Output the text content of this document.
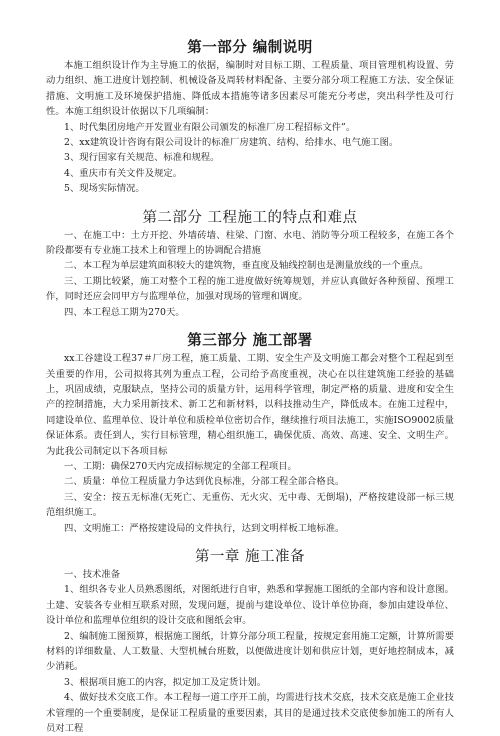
第一部分 编制说明

本施工组织设计作为主导施工的依据，编制时对目标工期、工程质量、项目管理机构设置、劳动力组织、施工进度计划控制、机械设备及周转材料配备、主要分部分项工程施工方法、安全保证措施、文明施工及环境保护措施、降低成本措施等诸多因素尽可能充分考虑，突出科学性及可行性。本施工组织设计依据以下几项编制：

1、时代集团房地产开发置业有限公司颁发的标准厂房工程招标文件”。

2、xx建筑设计咨询有限公司设计的标准厂房建筑、结构、给排水、电气施工图。

3、现行国家有关规范、标准和规程。

4、重庆市有关文件及规定。

5、现场实际情况。

第二部分 工程施工的特点和难点

一、在施工中：土方开挖、外墙砖墙、柱梁、门窗、水电、消防等分项工程较多，在施工各个阶段都要有专业施工技术上和管理上的协调配合措施

二、本工程为单层建筑面积较大的建筑物，垂直度及轴线控制也是测量放线的一个重点。

三、工期比较紧，施工对整个工程的施工进度做好统筹规划，并应认真做好各种预留、预埋工作，同时还应会同甲方与监理单位，加强对现场的管理和调度。

四、本工程总工期为270天。

第三部分 施工部署

xx工谷建设工程37＃厂房工程，施工质量、工期、安全生产及文明施工都会对整个工程起到至关重要的作用，公司拟将其列为重点工程，公司给予高度重视，决心在以往建筑施工经验的基础上，巩固成绩，克服缺点，坚持公司的质量方针，运用科学管理，制定严格的质量、进度和安全生产的控制措施，大力采用新技术、新工艺和新材料，以科技推动生产，降低成本。在施工过程中，同建设单位、监理单位、设计单位和质检单位密切合作，继续推行项目法施工，实施ISO9002质量保证体系。责任到人，实行目标管理，精心组织施工，确保优质、高效、高速、安全、文明生产。为此我公司制定以下各项目标

一、工期：确保270天内完成招标规定的全部工程项目。

二、质量：单位工程质量力争达到优良标准，分部工程全部合格良。

三、安全：按五无标准(无死亡、无重伤、无火灾、无中毒、无倒塌)，严格按建设部一标三规范组织施工。

四、文明施工：严格按建设局的文件执行，达到文明样板工地标准。

第一章 施工准备

一、技术准备

1、组织各专业人员熟悉图纸，对图纸进行自审，熟悉和掌握施工图纸的全部内容和设计意图。土建、安装各专业相互联系对照，发现问题，提前与建设单位、设计单位协商，参加由建设单位、设计单位和监理单位组织的设计交底和图纸会审。

2、编制施工图预算，根据施工图纸，计算分部分项工程量，按规定套用施工定额，计算所需要材料的详细数量、人工数量、大型机械台班数，以便做进度计划和供应计划，更好地控制成本，减少消耗。

3、根据项目施工的内容，拟定加工及定货计划。

4、做好技术交底工作。本工程每一道工序开工前，均需进行技术交底，技术交底是施工企业技术管理的一个重要制度，是保证工程质量的重要因素，其目的是通过技术交底使参加施工的所有人员对工程
